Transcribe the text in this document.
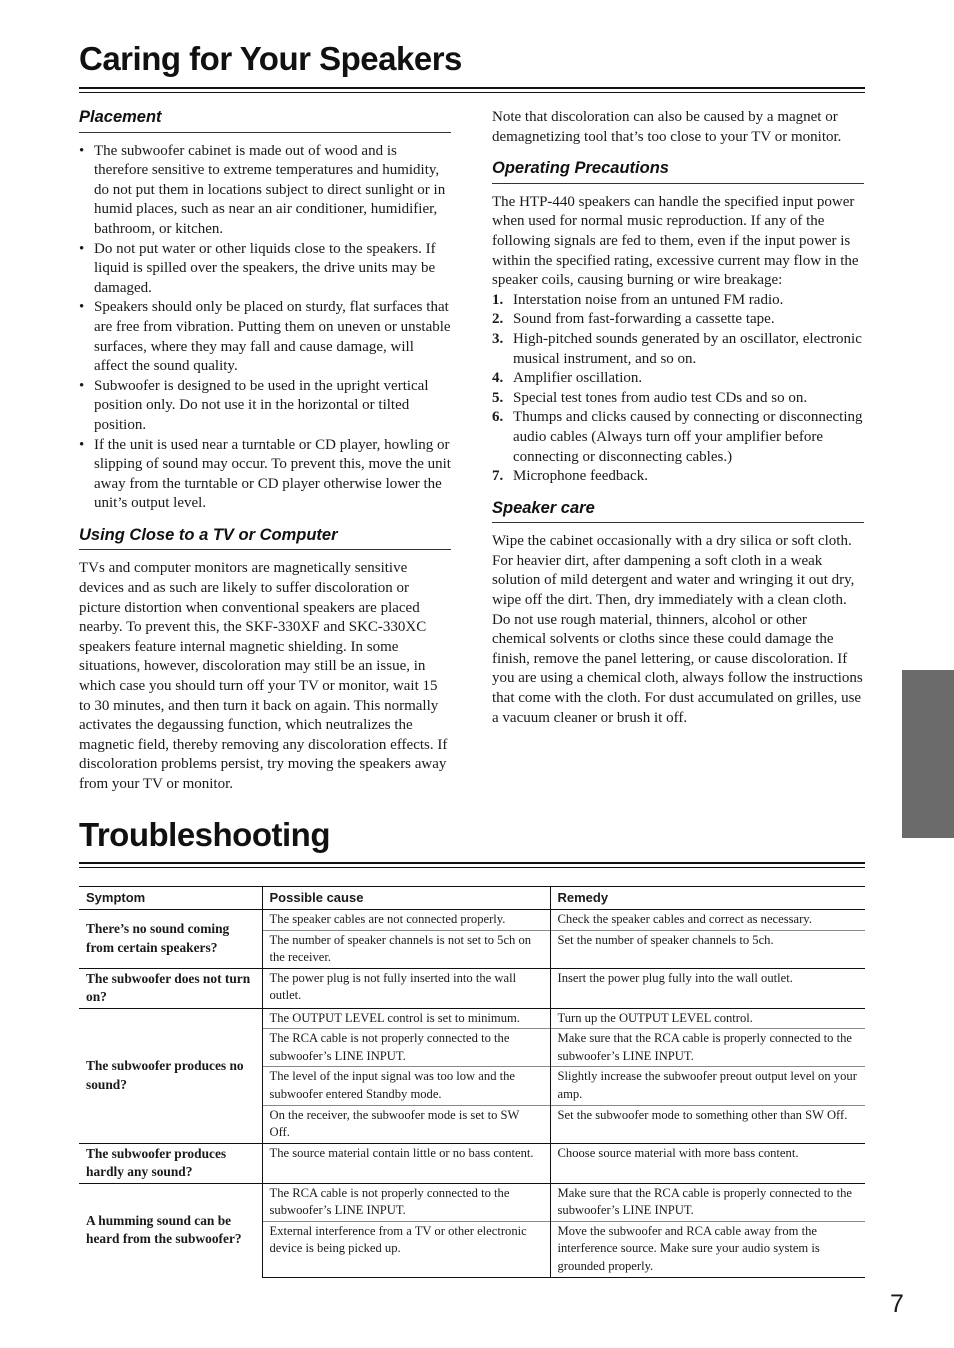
Caring for Your Speakers
Placement
• The subwoofer cabinet is made out of wood and is therefore sensitive to extreme temperatures and humidity, do not put them in locations subject to direct sunlight or in humid places, such as near an air conditioner, humidifier, bathroom, or kitchen.
• Do not put water or other liquids close to the speakers. If liquid is spilled over the speakers, the drive units may be damaged.
• Speakers should only be placed on sturdy, flat surfaces that are free from vibration. Putting them on uneven or unstable surfaces, where they may fall and cause damage, will affect the sound quality.
• Subwoofer is designed to be used in the upright vertical position only. Do not use it in the horizontal or tilted position.
• If the unit is used near a turntable or CD player, howling or slipping of sound may occur. To prevent this, move the unit away from the turntable or CD player otherwise lower the unit’s output level.
Using Close to a TV or Computer

TVs and computer monitors are magnetically sensitive devices and as such are likely to suffer discoloration or picture distortion when conventional speakers are placed nearby. To prevent this, the SKF-330XF and SKC-330XC speakers feature internal magnetic shielding. In some situations, however, discoloration may still be an issue, in which case you should turn off your TV or monitor, wait 15 to 30 minutes, and then turn it back on again. This normally activates the degaussing function, which neutralizes the magnetic field, thereby removing any discoloration effects. If discoloration problems persist, try moving the speakers away from your TV or monitor.

Note that discoloration can also be caused by a magnet or demagnetizing tool that’s too close to your TV or monitor.

Operating Precautions

The HTP-440 speakers can handle the specified input power when used for normal music reproduction. If any of the following signals are fed to them, even if the input power is within the specified rating, excessive current may flow in the speaker coils, causing burning or wire breakage:

1. Interstation noise from an untuned FM radio.
2. Sound from fast-forwarding a cassette tape.
3. High-pitched sounds generated by an oscillator, electronic musical instrument, and so on.
4. Amplifier oscillation.
5. Special test tones from audio test CDs and so on.
6. Thumps and clicks caused by connecting or disconnecting audio cables (Always turn off your amplifier before connecting or disconnecting cables.)
7. Microphone feedback.
Speaker care

Wipe the cabinet occasionally with a dry silica or soft cloth. For heavier dirt, after dampening a soft cloth in a weak solution of mild detergent and water and wringing it out dry, wipe off the dirt. Then, dry immediately with a clean cloth. Do not use rough material, thinners, alcohol or other chemical solvents or cloths since these could damage the finish, remove the panel lettering, or cause discoloration. If you are using a chemical cloth, always follow the instructions that come with the cloth. For dust accumulated on grilles, use a vacuum cleaner or brush it off.

Troubleshooting
Symptom	Possible cause	Remedy
There’s no sound coming from certain speakers?	The speaker cables are not connected properly.	Check the speaker cables and correct as necessary.
	The number of speaker channels is not set to 5ch on the receiver.	Set the number of speaker channels to 5ch.
The subwoofer does not turn on?	The power plug is not fully inserted into the wall outlet.	Insert the power plug fully into the wall outlet.
The subwoofer produces no sound?	The OUTPUT LEVEL control is set to minimum.	Turn up the OUTPUT LEVEL control.
	The RCA cable is not properly connected to the subwoofer’s LINE INPUT.	Make sure that the RCA cable is properly connected to the subwoofer’s LINE INPUT.
	The level of the input signal was too low and the subwoofer entered Standby mode.	Slightly increase the subwoofer preout output level on your amp.
	On the receiver, the subwoofer mode is set to SW Off.	Set the subwoofer mode to something other than SW Off.
The subwoofer produces hardly any sound?	The source material contain little or no bass content.	Choose source material with more bass content.
A humming sound can be heard from the subwoofer?	The RCA cable is not properly connected to the subwoofer’s LINE INPUT.	Make sure that the RCA cable is properly connected to the subwoofer’s LINE INPUT.
	External interference from a TV or other electronic device is being picked up.	Move the subwoofer and RCA cable away from the interference source. Make sure your audio system is grounded properly.
7
